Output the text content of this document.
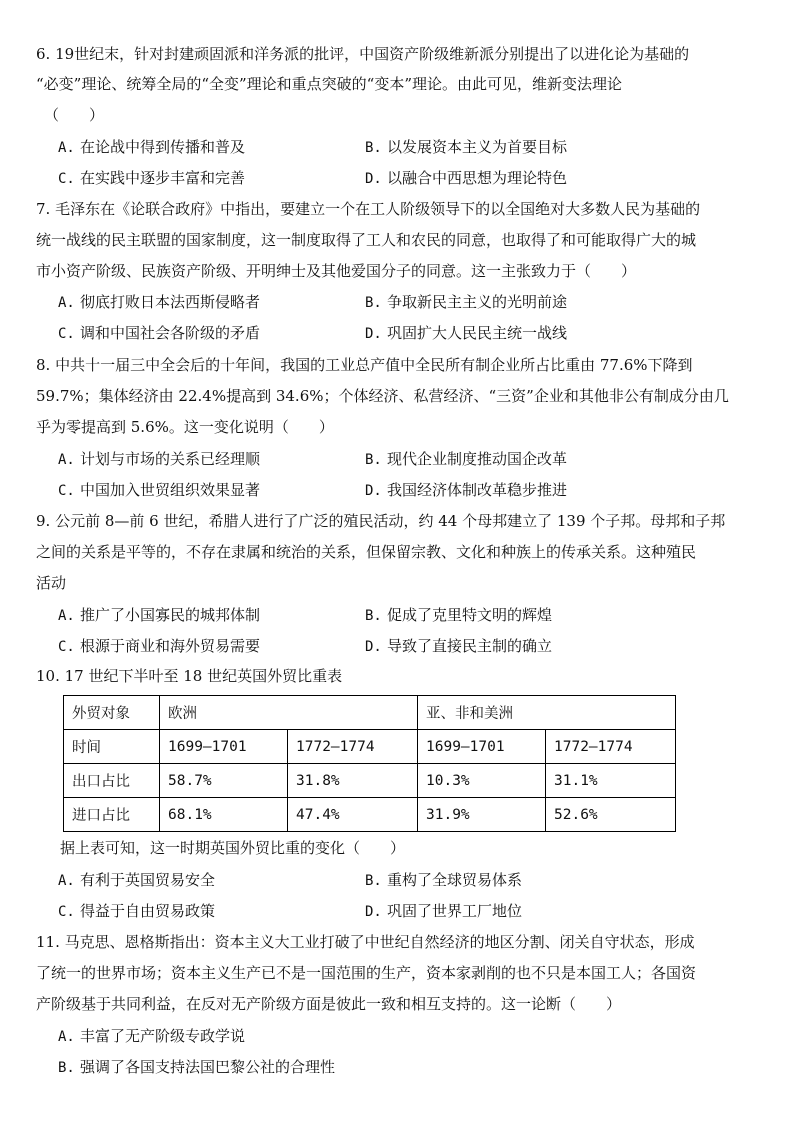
6. 19世纪末，针对封建顽固派和洋务派的批评，中国资产阶级维新派分别提出了以进化论为基础的
“必变”理论、统筹全局的“全变”理论和重点突破的“变本”理论。由此可见，维新变法理论
（　　）
A. 在论战中得到传播和普及	B. 以发展资本主义为首要目标
C. 在实践中逐步丰富和完善	D. 以融合中西思想为理论特色
7. 毛泽东在《论联合政府》中指出，要建立一个在工人阶级领导下的以全国绝对大多数人民为基础的
统一战线的民主联盟的国家制度，这一制度取得了工人和农民的同意，也取得了和可能取得广大的城
市小资产阶级、民族资产阶级、开明绅士及其他爱国分子的同意。这一主张致力于（　　）
A. 彻底打败日本法西斯侵略者	B. 争取新民主主义的光明前途
C. 调和中国社会各阶级的矛盾	D. 巩固扩大人民民主统一战线
8. 中共十一届三中全会后的十年间，我国的工业总产值中全民所有制企业所占比重由 77.6%下降到
59.7%；集体经济由 22.4%提高到 34.6%；个体经济、私营经济、“三资”企业和其他非公有制成分由几
乎为零提高到 5.6%。这一变化说明（　　）
A. 计划与市场的关系已经理顺	B. 现代企业制度推动国企改革
C. 中国加入世贸组织效果显著	D. 我国经济体制改革稳步推进
9. 公元前 8—前 6 世纪，希腊人进行了广泛的殖民活动，约 44 个母邦建立了 139 个子邦。母邦和子邦
之间的关系是平等的，不存在隶属和统治的关系，但保留宗教、文化和种族上的传承关系。这种殖民
活动
A. 推广了小国寡民的城邦体制	B. 促成了克里特文明的辉煌
C. 根源于商业和海外贸易需要	D. 导致了直接民主制的确立
10. 17 世纪下半叶至 18 世纪英国外贸比重表
外贸对象	欧洲		亚、非和美洲	
时间	1699—1701	1772—1774	1699—1701	1772—1774
出口占比	58.7%	31.8%	10.3%	31.1%
进口占比	68.1%	47.4%	31.9%	52.6%
据上表可知，这一时期英国外贸比重的变化（　　）
A. 有利于英国贸易安全	B. 重构了全球贸易体系
C. 得益于自由贸易政策	D. 巩固了世界工厂地位
11. 马克思、恩格斯指出：资本主义大工业打破了中世纪自然经济的地区分割、闭关自守状态，形成
了统一的世界市场；资本主义生产已不是一国范围的生产，资本家剥削的也不只是本国工人；各国资
产阶级基于共同利益，在反对无产阶级方面是彼此一致和相互支持的。这一论断（　　）
A. 丰富了无产阶级专政学说
B. 强调了各国支持法国巴黎公社的合理性
